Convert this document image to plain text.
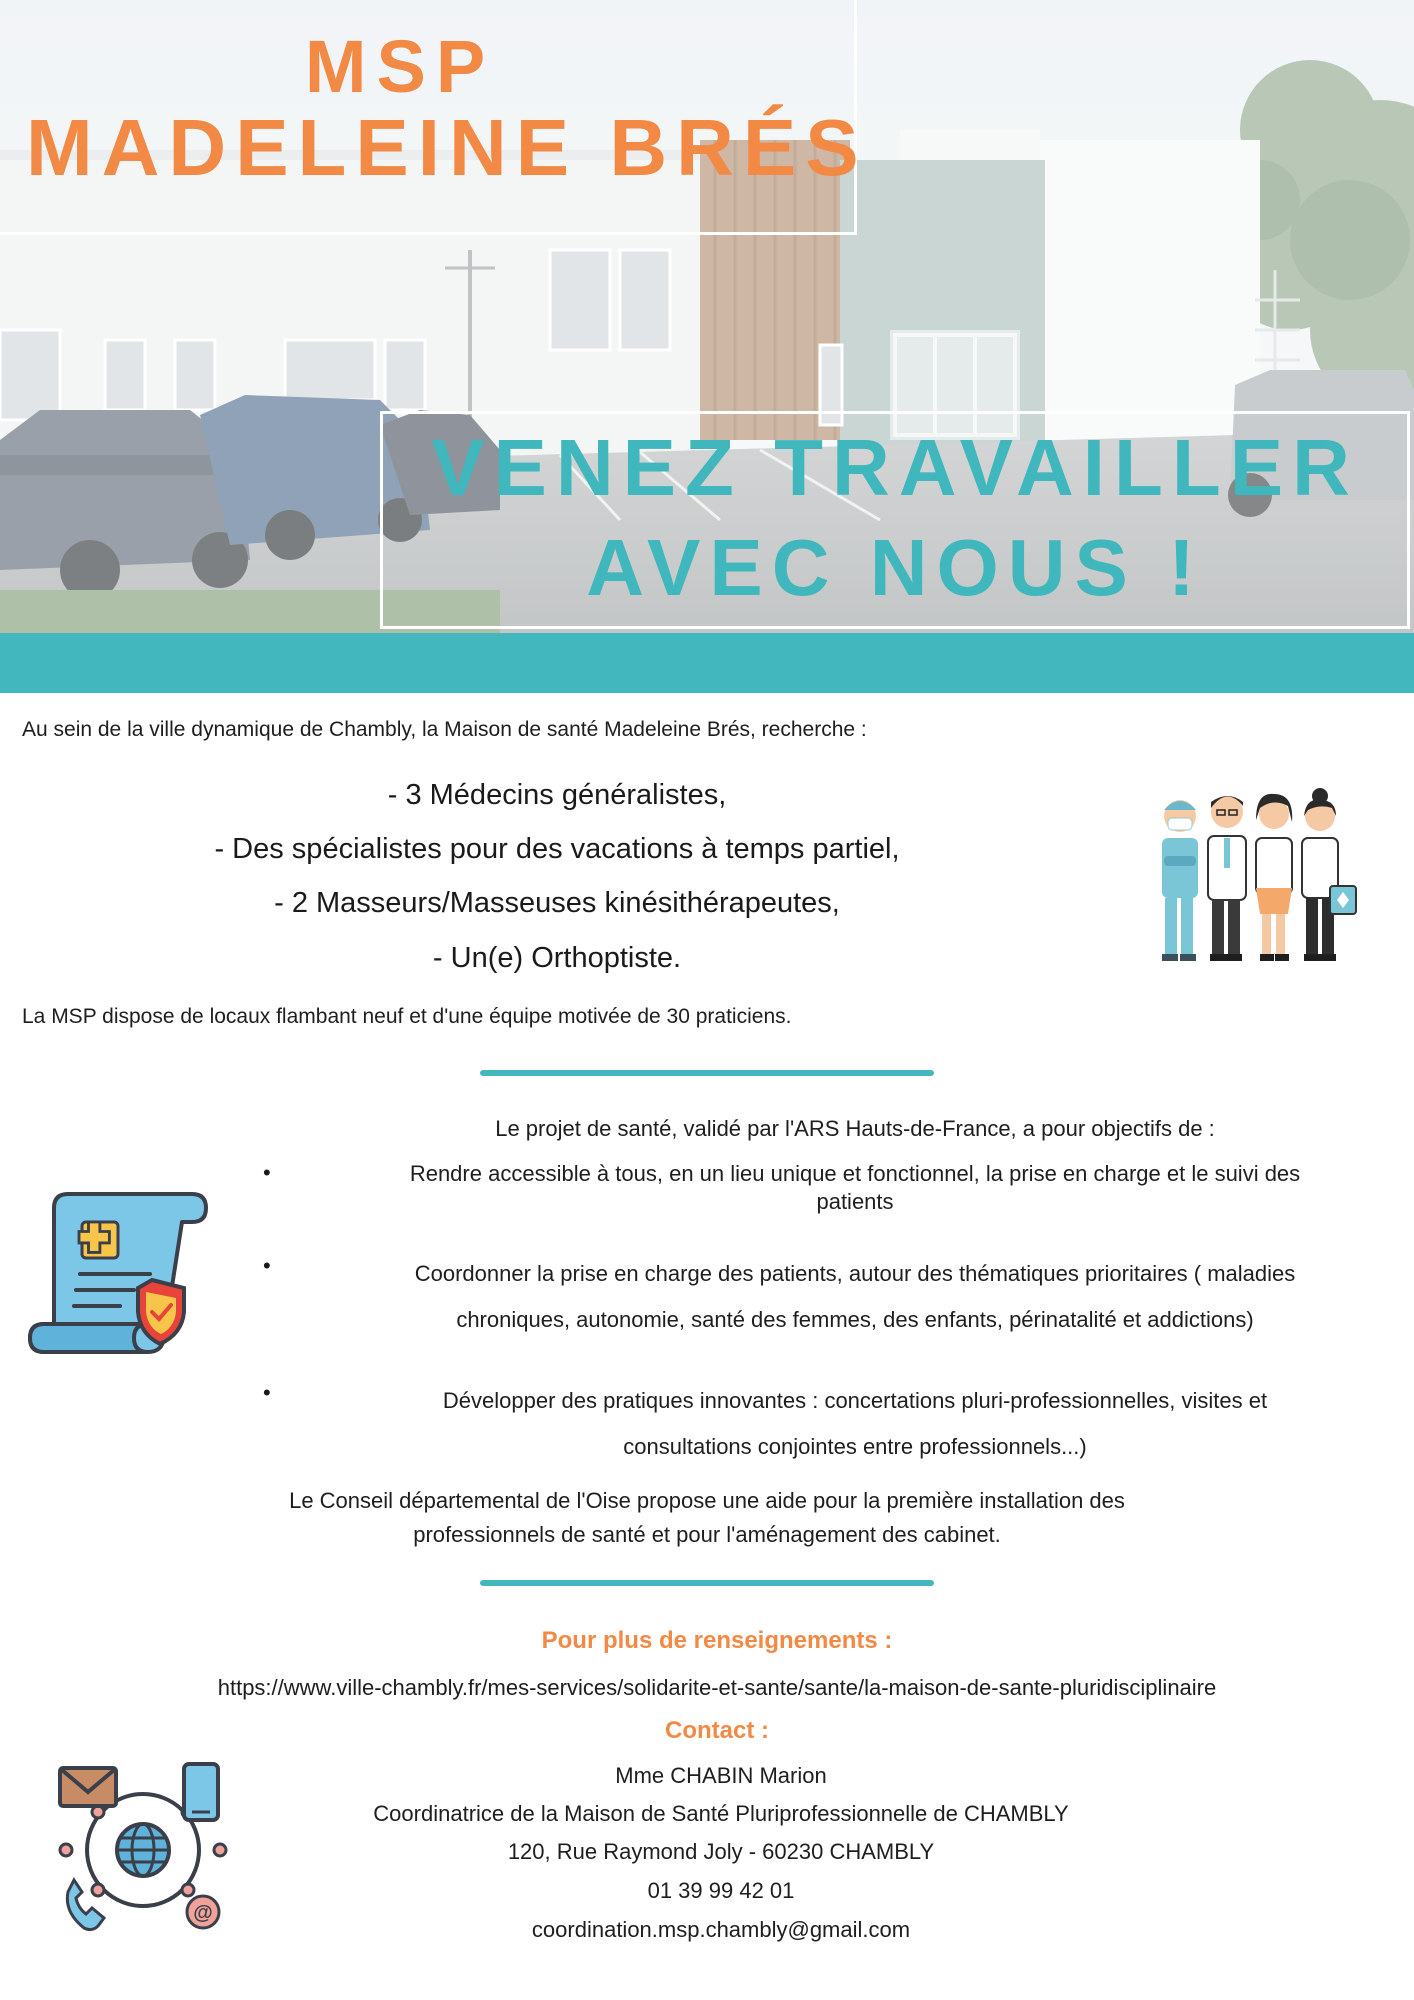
MSP
MADELEINE BRÉS
VENEZ TRAVAILLER
AVEC NOUS !
Au sein de la ville dynamique de Chambly, la Maison de santé Madeleine Brés, recherche :
- 3 Médecins généralistes,
- Des spécialistes pour des vacations à temps partiel,
- 2 Masseurs/Masseuses kinésithérapeutes,
- Un(e) Orthoptiste.
La MSP dispose de locaux flambant neuf et d'une équipe motivée de 30 praticiens.
Le projet de santé, validé par l'ARS Hauts-de-France, a pour objectifs de :
•	Rendre accessible à tous, en un lieu unique et fonctionnel, la prise en charge et le suivi des
patients
•	Coordonner la prise en charge des patients, autour des thématiques prioritaires ( maladies
chroniques, autonomie, santé des femmes, des enfants, périnatalité et addictions)
•	Développer des pratiques innovantes : concertations pluri-professionnelles, visites et
consultations conjointes entre professionnels...)
Le Conseil départemental de l'Oise propose une aide pour la première installation des
professionnels de santé et pour l'aménagement des cabinet.
Pour plus de renseignements :
https://www.ville-chambly.fr/mes-services/solidarite-et-sante/sante/la-maison-de-sante-pluridisciplinaire
Contact :
@
Mme CHABIN Marion
Coordinatrice de la Maison de Santé Pluriprofessionnelle de CHAMBLY
120, Rue Raymond Joly - 60230 CHAMBLY
01 39 99 42 01
coordination.msp.chambly@gmail.com
